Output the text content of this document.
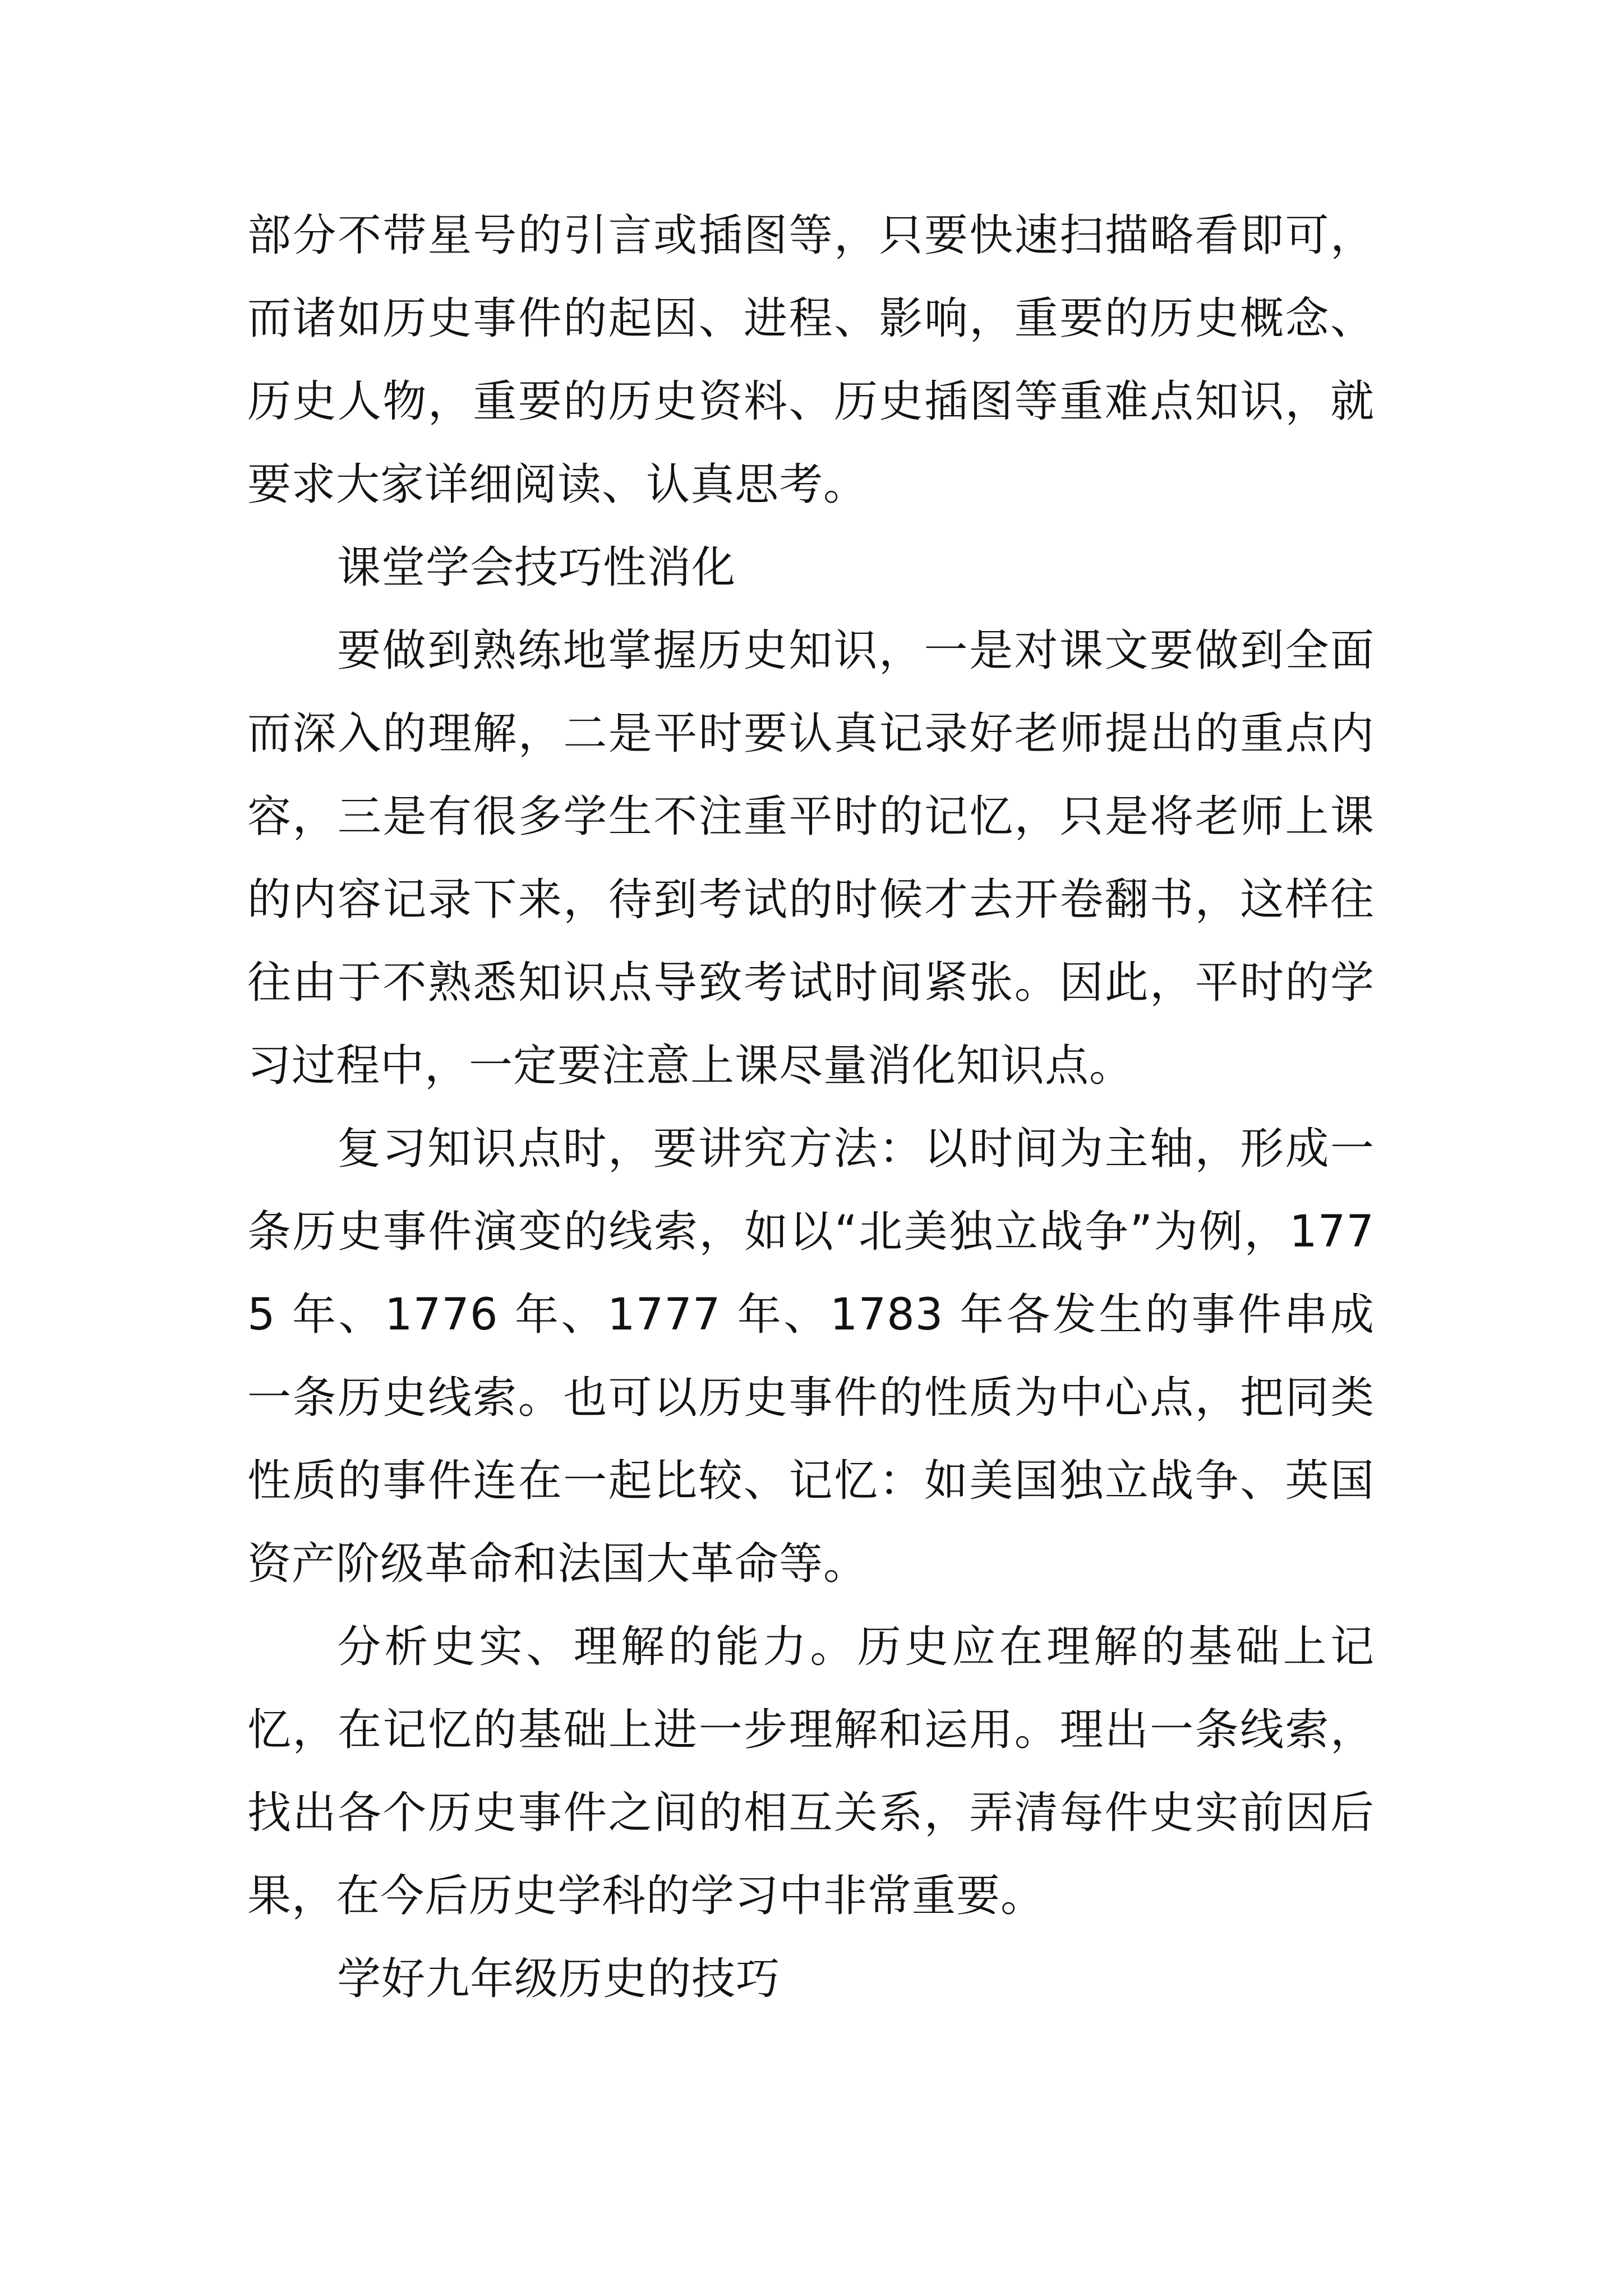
部分不带星号的引言或插图等，只要快速扫描略看即可，而诸如历史事件的起因、进程、影响，重要的历史概念、历史人物，重要的历史资料、历史插图等重难点知识，就要求大家详细阅读、认真思考。

课堂学会技巧性消化

要做到熟练地掌握历史知识，一是对课文要做到全面而深入的理解，二是平时要认真记录好老师提出的重点内容，三是有很多学生不注重平时的记忆，只是将老师上课的内容记录下来，待到考试的时候才去开卷翻书，这样往往由于不熟悉知识点导致考试时间紧张。因此，平时的学习过程中，一定要注意上课尽量消化知识点。

复习知识点时，要讲究方法：以时间为主轴，形成一条历史事件演变的线索，如以“北美独立战争”为例，1775 年、1776 年、1777 年、1783 年各发生的事件串成一条历史线索。也可以历史事件的性质为中心点，把同类性质的事件连在一起比较、记忆：如美国独立战争、英国资产阶级革命和法国大革命等。

分析史实、理解的能力。历史应在理解的基础上记忆，在记忆的基础上进一步理解和运用。理出一条线索，找出各个历史事件之间的相互关系，弄清每件史实前因后果，在今后历史学科的学习中非常重要。

学好九年级历史的技巧
